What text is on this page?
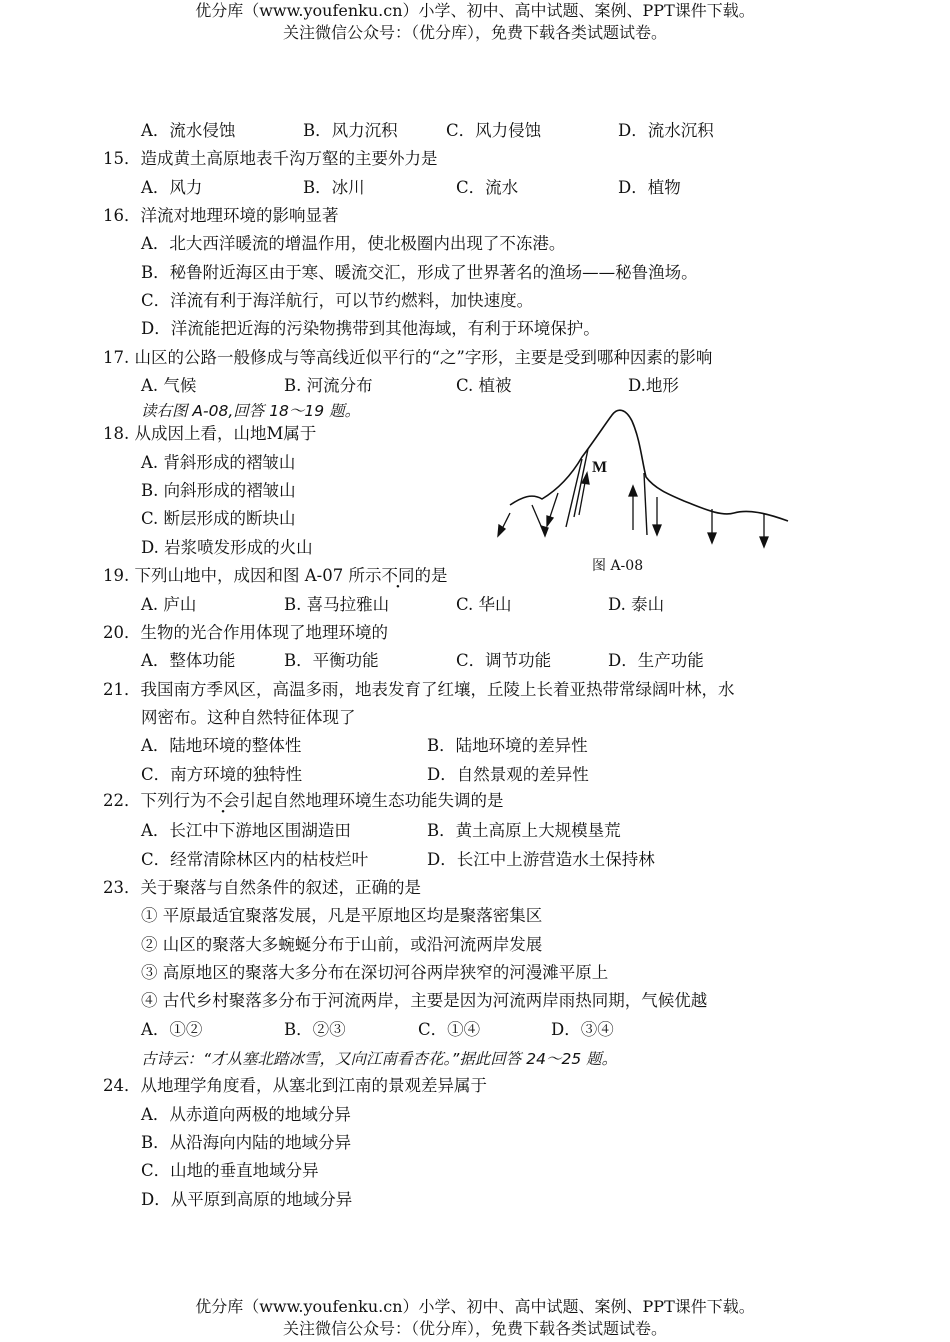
优分库（www.youfenku.cn）小学、初中、高中试题、案例、PPT课件下载。
关注微信公众号：（优分库），免费下载各类试题试卷。
A．流水侵蚀	B．风力沉积	C．风力侵蚀	D．流水沉积
15．造成黄土高原地表千沟万壑的主要外力是
A．风力	B．冰川	C．流水	D．植物
16．洋流对地理环境的影响显著
A．北大西洋暖流的增温作用，使北极圈内出现了不冻港。
B．秘鲁附近海区由于寒、暖流交汇，形成了世界著名的渔场——秘鲁渔场。
C．洋流有利于海洋航行，可以节约燃料，加快速度。
D．洋流能把近海的污染物携带到其他海域，有利于环境保护。
17. 山区的公路一般修成与等高线近似平行的“之”字形，主要是受到哪种因素的影响
A. 气候	B. 河流分布	C. 植被	D.地形
读右图 A-08,回答 18～19 题。
18. 从成因上看，山地M属于
A. 背斜形成的褶皱山
B. 向斜形成的褶皱山
C. 断层形成的断块山
D. 岩浆喷发形成的火山
M
图 A-08
19. 下列山地中，成因和图 A-07 所示不同的是
A. 庐山	B. 喜马拉雅山	C. 华山	D. 泰山
20．生物的光合作用体现了地理环境的
A．整体功能	B．平衡功能	C．调节功能	D．生产功能
21．我国南方季风区，高温多雨，地表发育了红壤，丘陵上长着亚热带常绿阔叶林，水
网密布。这种自然特征体现了
A．陆地环境的整体性	B．陆地环境的差异性
C．南方环境的独特性	D．自然景观的差异性
22．下列行为不会引起自然地理环境生态功能失调的是
A．长江中下游地区围湖造田	B．黄土高原上大规模垦荒
C．经常清除林区内的枯枝烂叶	D．长江中上游营造水土保持林
23．关于聚落与自然条件的叙述，正确的是
① 平原最适宜聚落发展，凡是平原地区均是聚落密集区
② 山区的聚落大多蜿蜒分布于山前，或沿河流两岸发展
③ 高原地区的聚落大多分布在深切河谷两岸狭窄的河漫滩平原上
④ 古代乡村聚落多分布于河流两岸，主要是因为河流两岸雨热同期，气候优越
A．①②	B．②③	C．①④	D．③④
古诗云：“才从塞北踏冰雪，又向江南看杏花。”据此回答 24～25 题。
24．从地理学角度看，从塞北到江南的景观差异属于
A．从赤道向两极的地域分异
B．从沿海向内陆的地域分异
C．山地的垂直地域分异
D．从平原到高原的地域分异
优分库（www.youfenku.cn）小学、初中、高中试题、案例、PPT课件下载。
关注微信公众号：（优分库），免费下载各类试题试卷。
